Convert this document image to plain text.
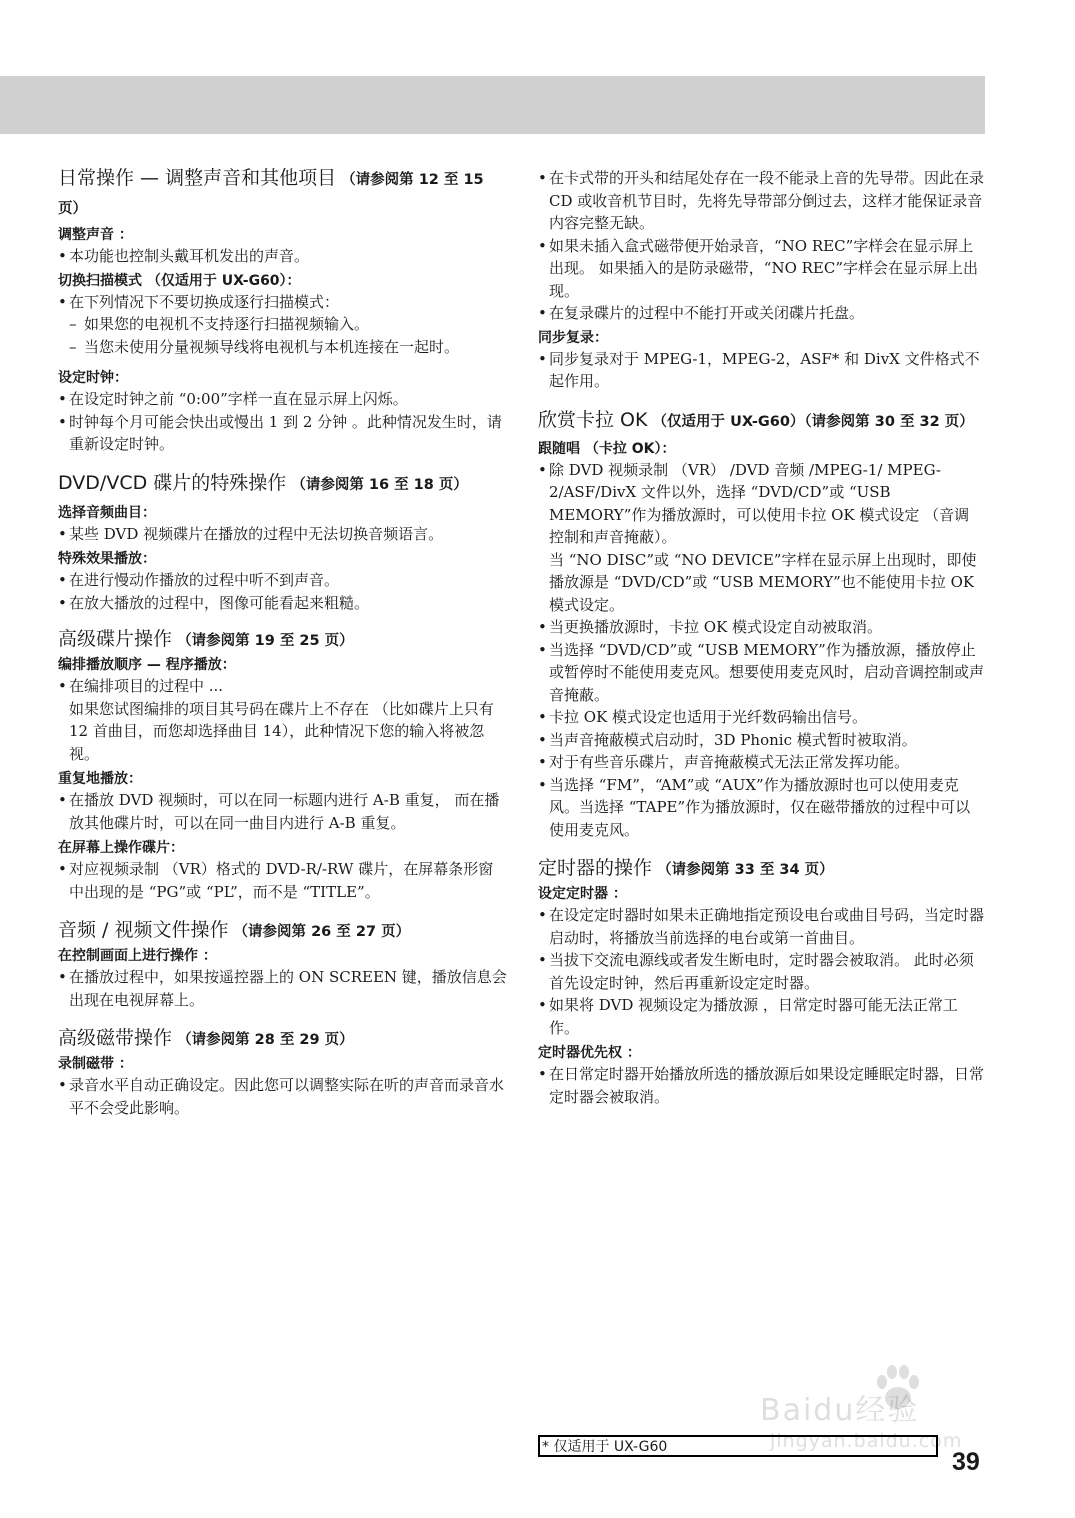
日常操作 — 调整声音和其他项目 （请参阅第 12 至 15 页）

调整声音 ：

• 本功能也控制头戴耳机发出的声音。

切换扫描模式 （仅适用于 UX-G60）：

• 在下列情况下不要切换成逐行扫描模式：

– 如果您的电视机不支持逐行扫描视频输入。

– 当您未使用分量视频导线将电视机与本机连接在一起时。

设定时钟：

• 在设定时钟之前 “0:00”字样一直在显示屏上闪烁。

• 时钟每个月可能会快出或慢出 1 到 2 分钟 。此种情况发生时，请重新设定时钟。

DVD/VCD 碟片的特殊操作 （请参阅第 16 至 18 页）

选择音频曲目：

• 某些 DVD 视频碟片在播放的过程中无法切换音频语言。

特殊效果播放：

• 在进行慢动作播放的过程中听不到声音。

• 在放大播放的过程中，图像可能看起来粗糙。

高级碟片操作 （请参阅第 19 至 25 页）

编排播放顺序 — 程序播放：

• 在编排项目的过程中 ...

如果您试图编排的项目其号码在碟片上不存在 （比如碟片上只有 12 首曲目，而您却选择曲目 14），此种情况下您的输入将被忽视。

重复地播放：

• 在播放 DVD 视频时，可以在同一标题内进行 A-B 重复， 而在播放其他碟片时，可以在同一曲目内进行 A-B 重复。

在屏幕上操作碟片：

• 对应视频录制 （VR）格式的 DVD-R/-RW 碟片，在屏幕条形窗中出现的是 “PG”或 “PL”，而不是 “TITLE”。

音频 / 视频文件操作 （请参阅第 26 至 27 页）

在控制画面上进行操作 ：

• 在播放过程中，如果按遥控器上的 ON SCREEN 键，播放信息会出现在电视屏幕上。

高级磁带操作 （请参阅第 28 至 29 页）

录制磁带 ：

• 录音水平自动正确设定。因此您可以调整实际在听的声音而录音水平不会受此影响。

• 在卡式带的开头和结尾处存在一段不能录上音的先导带。因此在录 CD 或收音机节目时，先将先导带部分倒过去，这样才能保证录音内容完整无缺。

• 如果未插入盒式磁带便开始录音，“NO REC”字样会在显示屏上出现。 如果插入的是防录磁带，“NO REC”字样会在显示屏上出现。

• 在复录碟片的过程中不能打开或关闭碟片托盘。

同步复录：

• 同步复录对于 MPEG-1，MPEG-2，ASF* 和 DivX 文件格式不起作用。

欣赏卡拉 OK （仅适用于 UX-G60）（请参阅第 30 至 32 页）

跟随唱 （卡拉 OK）：

• 除 DVD 视频录制 （VR） /DVD 音频 /MPEG-1/ MPEG-2/ASF/DivX 文件以外，选择 “DVD/CD”或 “USB MEMORY”作为播放源时，可以使用卡拉 OK 模式设定 （音调控制和声音掩蔽）。

当 “NO DISC”或 “NO DEVICE”字样在显示屏上出现时，即使播放源是 “DVD/CD”或 “USB MEMORY”也不能使用卡拉 OK 模式设定。

• 当更换播放源时，卡拉 OK 模式设定自动被取消。

• 当选择 “DVD/CD”或 “USB MEMORY”作为播放源，播放停止或暂停时不能使用麦克风。想要使用麦克风时，启动音调控制或声音掩蔽。

• 卡拉 OK 模式设定也适用于光纤数码输出信号。

• 当声音掩蔽模式启动时，3D Phonic 模式暂时被取消。

• 对于有些音乐碟片，声音掩蔽模式无法正常发挥功能。

• 当选择 “FM”，“AM”或 “AUX”作为播放源时也可以使用麦克风。当选择 “TAPE”作为播放源时，仅在磁带播放的过程中可以使用麦克风。

定时器的操作 （请参阅第 33 至 34 页）

设定定时器 ：

• 在设定定时器时如果未正确地指定预设电台或曲目号码，当定时器启动时，将播放当前选择的电台或第一首曲目。

• 当拔下交流电源线或者发生断电时，定时器会被取消。 此时必须首先设定时钟，然后再重新设定定时器。

• 如果将 DVD 视频设定为播放源 ，日常定时器可能无法正常工作。

定时器优先权 ：

• 在日常定时器开始播放所选的播放源后如果设定睡眠定时器，日常定时器会被取消。

Baidu经验
jingyan.baidu.com
* 仅适用于 UX-G60
39
